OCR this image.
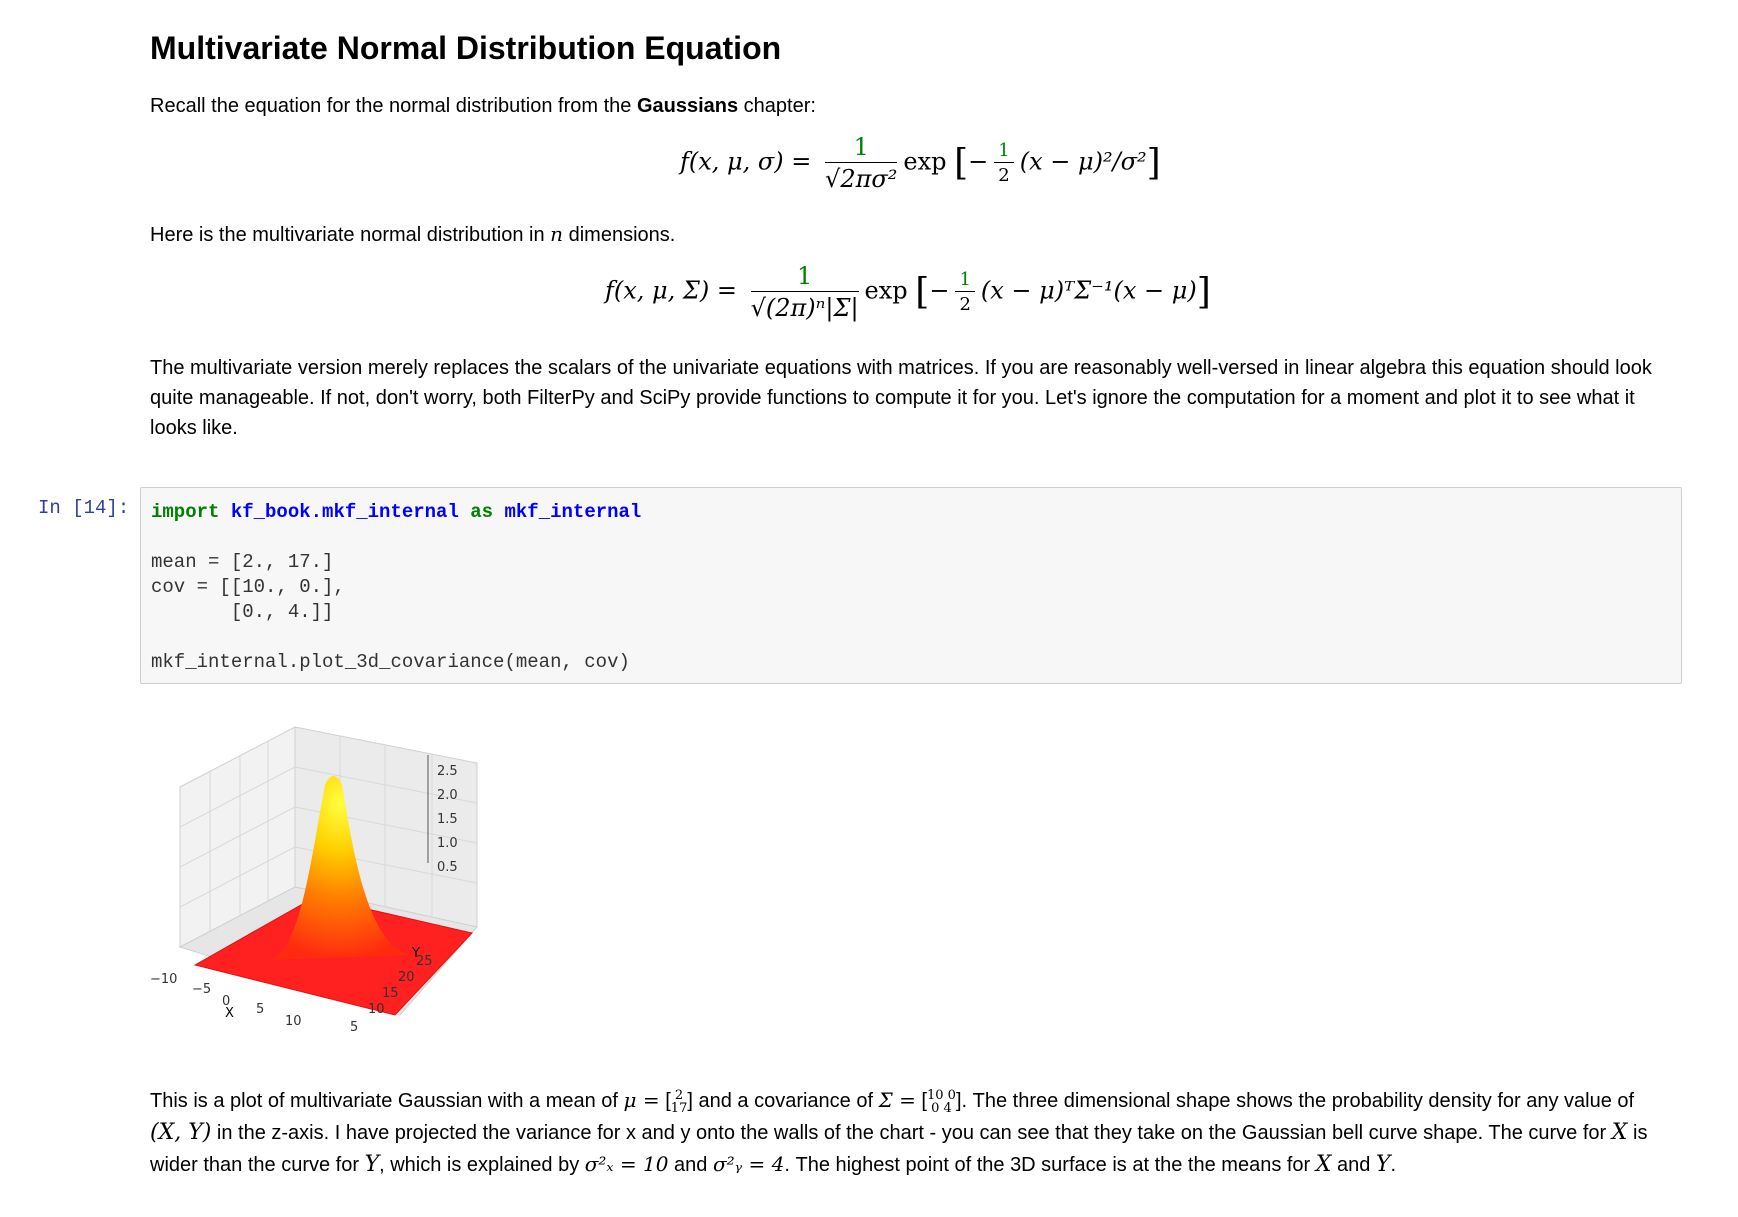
Multivariate Normal Distribution Equation
Recall the equation for the normal distribution from the Gaussians chapter:
f(x, μ, $\sigma) = \frac{1}{\text{√2πσ²}}$ exp [− $\frac{1}{2} (x - \mu)^2/\sigma^2$]
Here is the multivariate normal distribution in n dimensions.
f(x, μ, $\Sigma) = \frac{1}{\text{√(2π)ⁿ|Σ|}}$ exp [− $\frac{1}{2} (x$ − μ)ᵀΣ⁻¹(x − μ)]
The multivariate version merely replaces the scalars of the univariate equations with matrices. If you are reasonably well-versed in linear algebra this equation should look quite manageable. If not, don't worry, both FilterPy and SciPy provide functions to compute it for you. Let's ignore the computation for a moment and plot it to see what it looks like.
In [14]: import kf_book.mkf_internal as mkf_internal

mean = [2., 17.]
cov = [[10., 0.],
[0., 4.]]

mkf_internal.plot_3d_covariance(mean, cov)
2.5
2.0
1.5
1.0
0.5
−10
−5
0
5
10	5
10
15
20
25
X
Y
This is a plot of multivariate Gaussian with a mean of μ = [ 2
17] and a covariance of Σ = [10 0
0 4 ]. The three dimensional shape shows the probability density for any value of (X, Y) in the z-axis. I have projected the variance for x and y onto the walls of the chart - you can see that they take on the Gaussian bell curve shape. The curve for X is wider than the curve for Y, which is explained by σ²ₓ = 10 and σ²ᵧ = 4. The highest point of the 3D surface is at the the means for X and Y.
